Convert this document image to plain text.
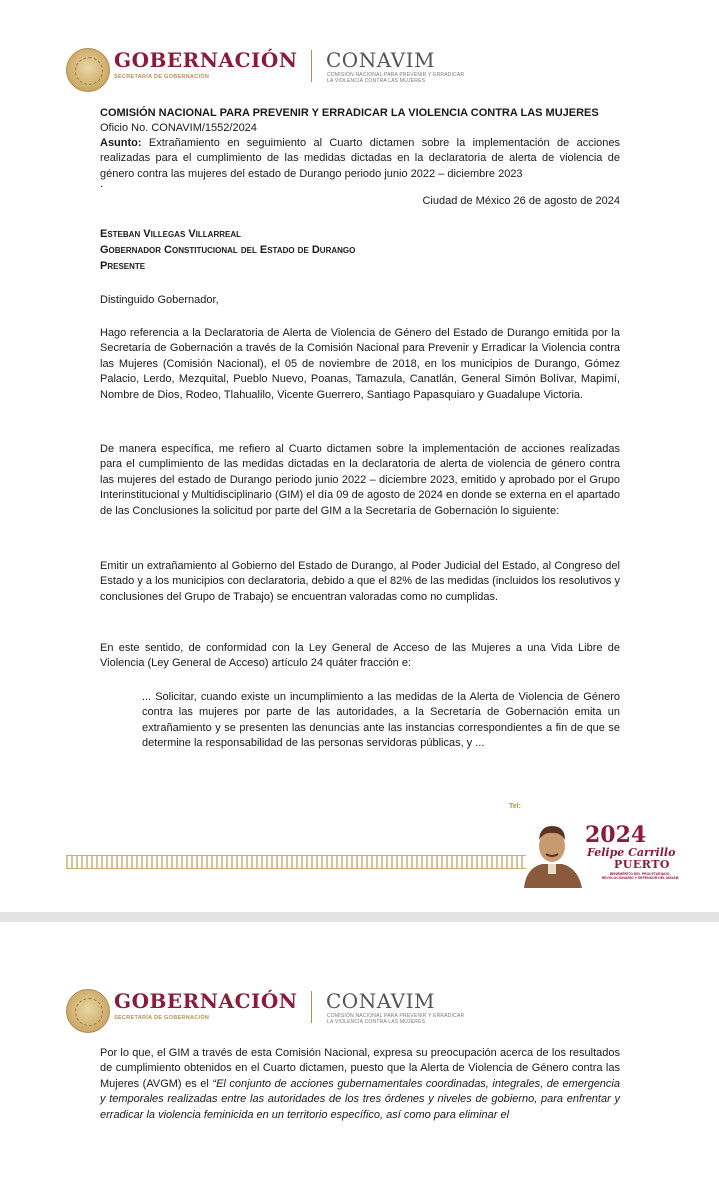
GOBERNACIÓN
SECRETARÍA DE GOBERNACIÓN
CONAVIM
COMISIÓN NACIONAL PARA PREVENIR Y ERRADICAR LA VIOLENCIA CONTRA LAS MUJERES
COMISIÓN NACIONAL PARA PREVENIR Y ERRADICAR LA VIOLENCIA CONTRA LAS MUJERES
Oficio No. CONAVIM/1552/2024
Asunto: Extrañamiento en seguimiento al Cuarto dictamen sobre la implementación de acciones realizadas para el cumplimiento de las medidas dictadas en la declaratoria de alerta de violencia de género contra las mujeres del estado de Durango periodo junio 2022 – diciembre 2023
.
Ciudad de México 26 de agosto de 2024
Esteban Villegas Villarreal
Gobernador Constitucional del Estado de Durango
Presente
Distinguido Gobernador,
Hago referencia a la Declaratoria de Alerta de Violencia de Género del Estado de Durango emitida por la Secretaría de Gobernación a través de la Comisión Nacional para Prevenir y Erradicar la Violencia contra las Mujeres (Comisión Nacional), el 05 de noviembre de 2018, en los municipios de Durango, Gómez Palacio, Lerdo, Mezquital, Pueblo Nuevo, Poanas, Tamazula, Canatlán, General Simón Bolívar, Mapimí, Nombre de Dios, Rodeo, Tlahualilo, Vicente Guerrero, Santiago Papasquiaro y Guadalupe Victoria.
De manera específica, me refiero al Cuarto dictamen sobre la implementación de acciones realizadas para el cumplimiento de las medidas dictadas en la declaratoria de alerta de violencia de género contra las mujeres del estado de Durango periodo junio 2022 – diciembre 2023, emitido y aprobado por el Grupo Interinstitucional y Multidisciplinario (GIM) el día 09 de agosto de 2024 en donde se externa en el apartado de las Conclusiones la solicitud por parte del GIM a la Secretaría de Gobernación lo siguiente:
Emitir un extrañamiento al Gobierno del Estado de Durango, al Poder Judicial del Estado, al Congreso del Estado y a los municipios con declaratoria, debido a que el 82% de las medidas (incluidos los resolutivos y conclusiones del Grupo de Trabajo) se encuentran valoradas como no cumplidas.
En este sentido, de conformidad con la Ley General de Acceso de las Mujeres a una Vida Libre de Violencia (Ley General de Acceso) artículo 24 quáter fracción e:
... Solicitar, cuando existe un incumplimiento a las medidas de la Alerta de Violencia de Género contra las mujeres por parte de las autoridades, a la Secretaría de Gobernación emita un extrañamiento y se presenten las denuncias ante las instancias correspondientes a fin de que se determine la responsabilidad de las personas servidoras públicas, y ...
Tel:
2024
Felipe Carrillo
PUERTO
BENEMÉRITO DEL PROLETARIADO, REVOLUCIONARIO Y DEFENSOR DEL MAYAB
GOBERNACIÓN
SECRETARÍA DE GOBERNACIÓN
CONAVIM
COMISIÓN NACIONAL PARA PREVENIR Y ERRADICAR LA VIOLENCIA CONTRA LAS MUJERES
Por lo que, el GIM a través de esta Comisión Nacional, expresa su preocupación acerca de los resultados de cumplimiento obtenidos en el Cuarto dictamen, puesto que la Alerta de Violencia de Género contra las Mujeres (AVGM) es el “El conjunto de acciones gubernamentales coordinadas, integrales, de emergencia y temporales realizadas entre las autoridades de los tres órdenes y niveles de gobierno, para enfrentar y erradicar la violencia feminicida en un territorio específico, así como para eliminar el
